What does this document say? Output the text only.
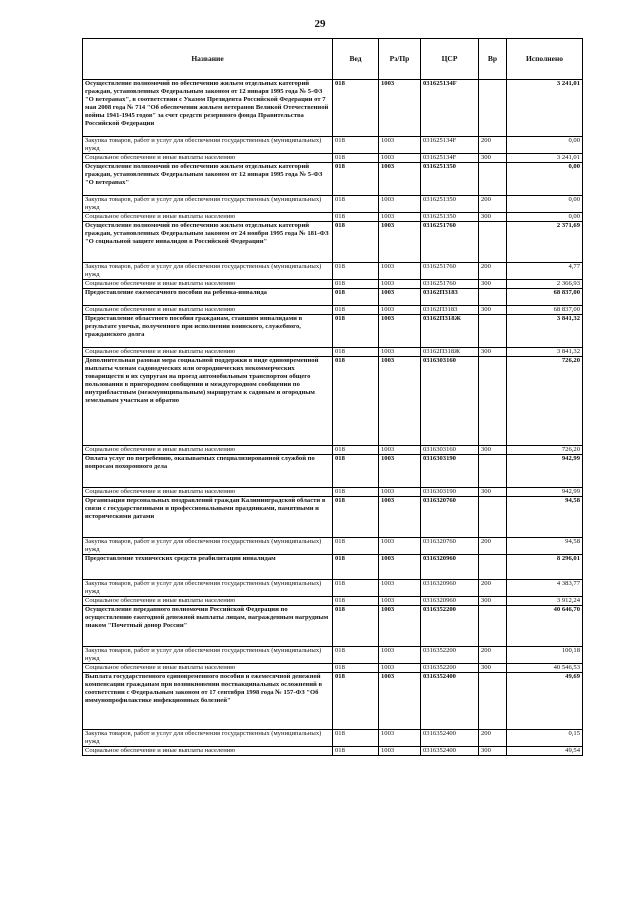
29
Название	Вед	Рз/Пр	ЦСР	Вр	Исполнено
Осуществление полномочий по обеспечению жильем отдельных категорий граждан, установленных Федеральным законом от 12 января 1995 года № 5-ФЗ "О ветеранах", в соответствии с Указом Президента Российской Федерации от 7 мая 2008 года № 714 "Об обеспечении жильем ветеранов Великой Отечественной войны 1941-1945 годов" за счет средств резервного фонда Правительства Российской Федерации	018	1003	031625134F		3 241,01
Закупка товаров, работ и услуг для обеспечения государственных (муниципальных) нужд	018	1003	031625134F	200	0,00
Социальное обеспечение и иные выплаты населению	018	1003	031625134F	300	3 241,01
Осуществление полномочий по обеспечению жильем отдельных категорий граждан, установленных Федеральным законом от 12 января 1995 года № 5-ФЗ "О ветеранах"	018	1003	0316251350		0,00
Закупка товаров, работ и услуг для обеспечения государственных (муниципальных) нужд	018	1003	0316251350	200	0,00
Социальное обеспечение и иные выплаты населению	018	1003	0316251350	300	0,00
Осуществление полномочий по обеспечению жильем отдельных категорий граждан, установленных Федеральным законом от 24 ноября 1995 года № 181-ФЗ "О социальной защите инвалидов в Российской Федерации"	018	1003	0316251760		2 371,69
Закупка товаров, работ и услуг для обеспечения государственных (муниципальных) нужд	018	1003	0316251760	200	4,77
Социальное обеспечение и иные выплаты населению	018	1003	0316251760	300	2 366,93
Предоставление ежемесячного пособия на ребенка-инвалида	018	1003	03162П3183		68 837,00
Социальное обеспечение и иные выплаты населению	018	1003	03162П3183	300	68 837,00
Предоставление областного пособия гражданам, ставшим инвалидами в результате увечья, полученного при исполнении воинского, служебного, гражданского долга	018	1003	03162П318Ж		3 841,32
Социальное обеспечение и иные выплаты населению	018	1003	03162П318Ж	300	3 841,32
Дополнительная разовая мера социальной поддержки в виде единовременной выплаты членам садоводческих или огороднических некоммерческих товариществ и их супругам на проезд автомобильным транспортом общего пользования в пригородном сообщении и междугородном сообщении по внутрибластным (межмуниципальным) маршрутам к садовым и огородным земельным участкам и обратно	018	1003	0316303160		726,20
Социальное обеспечение и иные выплаты населению	018	1003	0316303160	300	726,20
Оплата услуг по погребению, оказываемых специализированной службой по вопросам похоронного дела	018	1003	0316303190		942,99
Социальное обеспечение и иные выплаты населению	018	1003	0316303190	300	942,99
Организация персональных поздравлений граждан Калининградской области в связи с государственными и профессиональными праздниками, памятными и историческими датами	018	1003	0316320760		94,58
Закупка товаров, работ и услуг для обеспечения государственных (муниципальных) нужд	018	1003	0316320760	200	94,58
Предоставление технических средств реабилитации инвалидам	018	1003	0316320960		8 296,01
Закупка товаров, работ и услуг для обеспечения государственных (муниципальных) нужд	018	1003	0316320960	200	4 383,77
Социальное обеспечение и иные выплаты населению	018	1003	0316320960	300	3 912,24
Осуществление переданного полномочия Российской Федерации по осуществлению ежегодной денежной выплаты лицам, награжденным нагрудным знаком "Почетный донор России"	018	1003	0316352200		40 646,70
Закупка товаров, работ и услуг для обеспечения государственных (муниципальных) нужд	018	1003	0316352200	200	100,18
Социальное обеспечение и иные выплаты населению	018	1003	0316352200	300	40 546,53
Выплата государственного единовременного пособия и ежемесячной денежной компенсации гражданам при возникновении поствакцинальных осложнений в соответствии с Федеральным законом от 17 сентября 1998 года № 157-ФЗ "Об иммунопрофилактике инфекционных болезней"	018	1003	0316352400		49,69
Закупка товаров, работ и услуг для обеспечения государственных (муниципальных) нужд	018	1003	0316352400	200	0,15
Социальное обеспечение и иные выплаты населению	018	1003	0316352400	300	49,54
